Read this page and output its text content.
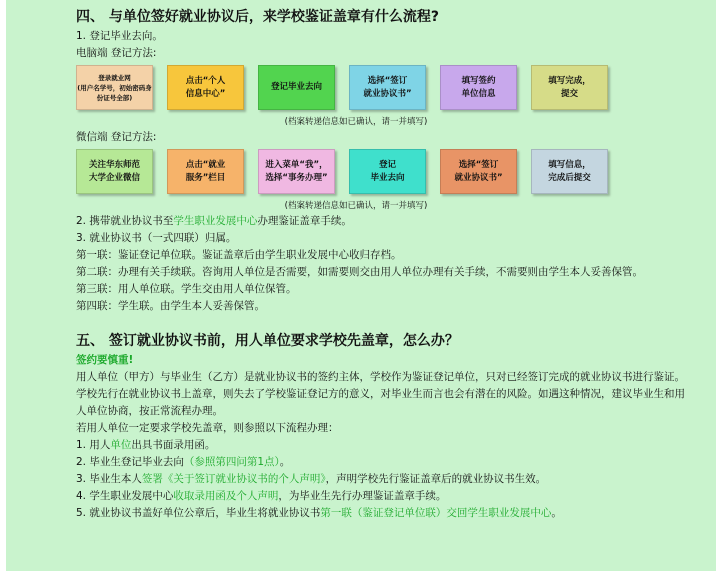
四、 与单位签好就业协议后，来学校鉴证盖章有什么流程?
1. 登记毕业去向。
电脑端 登记方法:
登录就业网
(用户名学号，初始密码身份证号全部)
点击“个人
信息中心”
登记毕业去向
选择“签订
就业协议书”
填写签约
单位信息
填写完成，
提交
(档案转递信息如已确认，请一并填写)
微信端 登记方法:
关注华东师范
大学企业微信
点击“就业
服务”栏目
进入菜单“我”，
选择“事务办理”
登记
毕业去向
选择“签订
就业协议书”
填写信息，
完成后提交
(档案转递信息如已确认，请一并填写)
2. 携带就业协议书至学生职业发展中心办理鉴证盖章手续。
3. 就业协议书（一式四联）归属。
第一联：鉴证登记单位联。鉴证盖章后由学生职业发展中心收归存档。
第二联：办理有关手续联。咨询用人单位是否需要，如需要则交由用人单位办理有关手续，不需要则由学生本人妥善保管。
第三联：用人单位联。学生交由用人单位保管。
第四联：学生联。由学生本人妥善保管。
五、 签订就业协议书前，用人单位要求学校先盖章，怎么办？
签约要慎重!
用人单位（甲方）与毕业生（乙方）是就业协议书的签约主体，学校作为鉴证登记单位，只对已经签订完成的就业协议书进行鉴证。学校先行在就业协议书上盖章，则失去了学校鉴证登记方的意义，对毕业生而言也会有潜在的风险。如遇这种情况，建议毕业生和用人单位协商，按正常流程办理。
若用人单位一定要求学校先盖章，则参照以下流程办理：
1. 用人单位出具书面录用函。
2. 毕业生登记毕业去向（参照第四问第1点）。
3. 毕业生本人签署《关于签订就业协议书的个人声明》，声明学校先行鉴证盖章后的就业协议书生效。
4. 学生职业发展中心收取录用函及个人声明，为毕业生先行办理鉴证盖章手续。
5. 就业协议书盖好单位公章后，毕业生将就业协议书第一联（鉴证登记单位联）交回学生职业发展中心。
